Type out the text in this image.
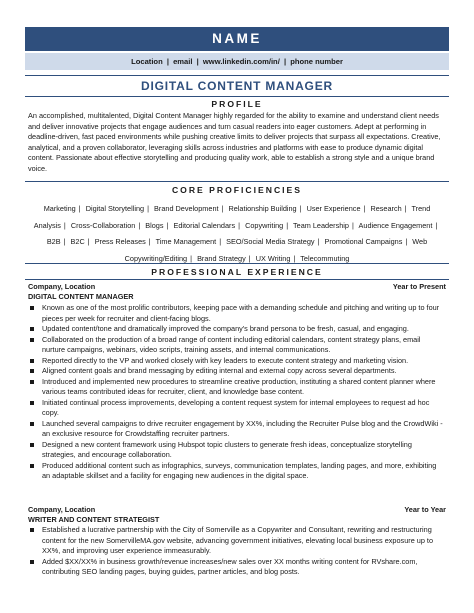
NAME
Location | email | www.linkedin.com/in/ | phone number
DIGITAL CONTENT MANAGER
PROFILE
An accomplished, multitalented, Digital Content Manager highly regarded for the ability to examine and understand client needs and deliver innovative projects that engage audiences and turn casual readers into eager customers. Adept at performing in deadline-driven, fast paced environments while pushing creative limits to deliver projects that surpass all expectations. Creative, analytical, and a proven collaborator, leveraging skills across industries and platforms with ease to produce dynamic digital content. Passionate about effective storytelling and producing quality work, able to establish a strong style and a unique brand voice.
CORE PROFICIENCIES
Marketing | Digital Storytelling | Brand Development | Relationship Building | User Experience | Research | Trend Analysis | Cross-Collaboration | Blogs | Editorial Calendars | Copywriting | Team Leadership | Audience Engagement | B2B | B2C | Press Releases | Time Management | SEO/Social Media Strategy | Promotional Campaigns | Web Copywriting/Editing | Brand Strategy | UX Writing | Telecommuting
PROFESSIONAL EXPERIENCE
Company, Location	Year to Present
DIGITAL CONTENT MANAGER
Known as one of the most prolific contributors, keeping pace with a demanding schedule and pitching and writing up to four pieces per week for recruiter and client-facing blogs.
Updated content/tone and dramatically improved the company's brand persona to be fresh, casual, and engaging.
Collaborated on the production of a broad range of content including editorial calendars, content strategy plans, email nurture campaigns, webinars, video scripts, training assets, and internal communications.
Reported directly to the VP and worked closely with key leaders to execute content strategy and marketing vision.
Aligned content goals and brand messaging by editing internal and external copy across several departments.
Introduced and implemented new procedures to streamline creative production, instituting a shared content planner where various teams contributed ideas for recruiter, client, and knowledge base content.
Initiated continual process improvements, developing a content request system for internal employees to request ad hoc copy.
Launched several campaigns to drive recruiter engagement by XX%, including the Recruiter Pulse blog and the CrowdWiki - an exclusive resource for Crowdstaffing recruiter partners.
Designed a new content framework using Hubspot topic clusters to generate fresh ideas, conceptualize storytelling strategies, and encourage collaboration.
Produced additional content such as infographics, surveys, communication templates, landing pages, and more, exhibiting an adaptable skillset and a facility for engaging new audiences in the digital space.
Company, Location	Year to Year
WRITER AND CONTENT STRATEGIST
Established a lucrative partnership with the City of Somerville as a Copywriter and Consultant, rewriting and restructuring content for the new SomervilleMA.gov website, advancing government initiatives, elevating local business exposure up to XX%, and improving user experience immeasurably.
Added $XX/XX% in business growth/revenue increases/new sales over XX months writing content for RVshare.com, contributing SEO landing pages, buying guides, partner articles, and blog posts.
